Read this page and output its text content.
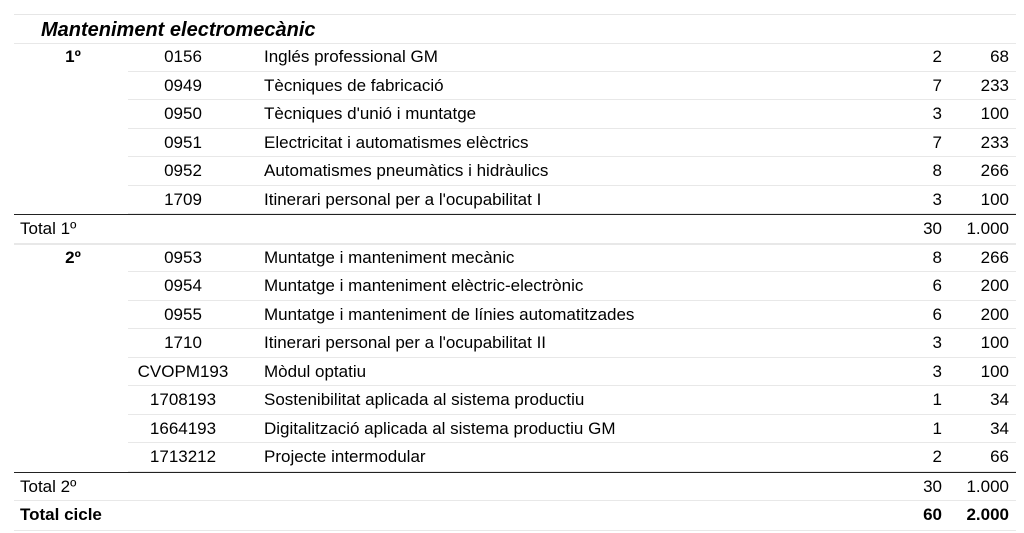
Manteniment electromecànic
1º	0156	Inglés professional GM	2	68
0949	Tècniques de fabricació	7	233
0950	Tècniques d'unió i muntatge	3	100
0951	Electricitat i automatismes elèctrics	7	233
0952	Automatismes pneumàtics i hidràulics	8	266
1709	Itinerari personal per a l'ocupabilitat I	3	100
Total 1º	30	1.000
2º	0953	Muntatge i manteniment mecànic	8	266
0954	Muntatge i manteniment elèctric-electrònic	6	200
0955	Muntatge i manteniment de línies automatitzades	6	200
1710	Itinerari personal per a l'ocupabilitat II	3	100
CVOPM193	Mòdul optatiu	3	100
1708193	Sostenibilitat aplicada al sistema productiu	1	34
1664193	Digitalització aplicada al sistema productiu GM	1	34
1713212	Projecte intermodular	2	66
Total 2º	30	1.000
Total cicle	60	2.000
